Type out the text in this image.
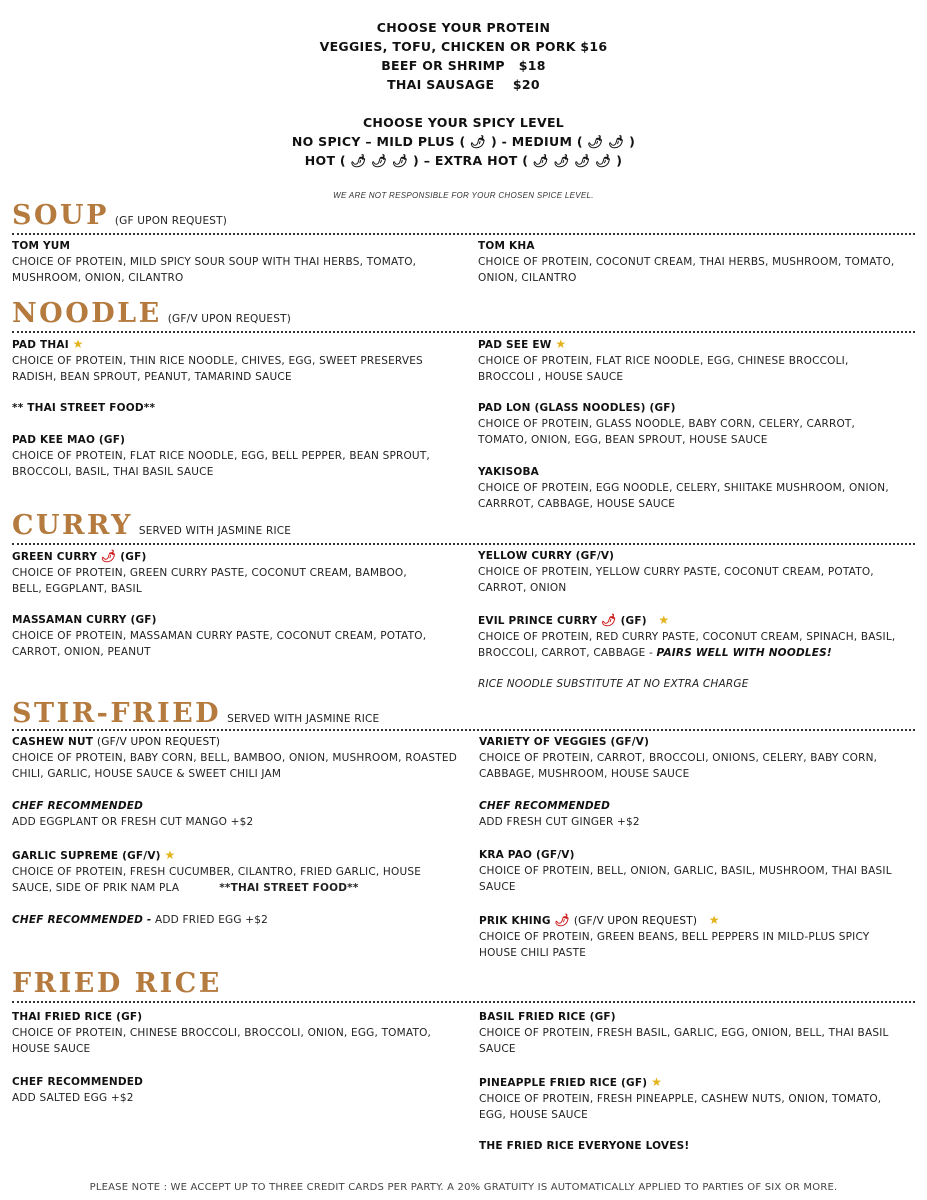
CHOOSE YOUR PROTEIN
VEGGIES, TOFU, CHICKEN OR PORK $16
BEEF OR SHRIMP   $18
THAI SAUSAGE    $20
CHOOSE YOUR SPICY LEVEL
NO SPICY – MILD PLUS ( 🌶 ) - MEDIUM ( 🌶 🌶 )
HOT ( 🌶 🌶 🌶 ) – EXTRA HOT ( 🌶 🌶 🌶 🌶 )
WE ARE NOT RESPONSIBLE FOR YOUR CHOSEN SPICE LEVEL.
SOUP (GF UPON REQUEST)
TOM YUM
CHOICE OF PROTEIN, MILD SPICY SOUR SOUP WITH THAI HERBS, TOMATO, MUSHROOM, ONION, CILANTRO
TOM KHA
CHOICE OF PROTEIN, COCONUT CREAM, THAI HERBS, MUSHROOM, TOMATO, ONION, CILANTRO
NOODLE (GF/V UPON REQUEST)
PAD THAI ★
CHOICE OF PROTEIN, THIN RICE NOODLE, CHIVES, EGG, SWEET PRESERVES RADISH, BEAN SPROUT, PEANUT, TAMARIND SAUCE
** THAI STREET FOOD**
PAD KEE MAO (GF)
CHOICE OF PROTEIN, FLAT RICE NOODLE, EGG, BELL PEPPER, BEAN SPROUT, BROCCOLI, BASIL, THAI BASIL SAUCE
PAD SEE EW ★
CHOICE OF PROTEIN, FLAT RICE NOODLE, EGG, CHINESE BROCCOLI, BROCCOLI , HOUSE SAUCE
PAD LON (GLASS NOODLES) (GF)
CHOICE OF PROTEIN, GLASS NOODLE, BABY CORN, CELERY, CARROT, TOMATO, ONION, EGG, BEAN SPROUT, HOUSE SAUCE
YAKISOBA
CHOICE OF PROTEIN, EGG NOODLE, CELERY, SHIITAKE MUSHROOM, ONION, CARRROT, CABBAGE, HOUSE SAUCE
CURRY SERVED WITH JASMINE RICE
GREEN CURRY 🌶 (GF)
CHOICE OF PROTEIN, GREEN CURRY PASTE, COCONUT CREAM, BAMBOO, BELL, EGGPLANT, BASIL
MASSAMAN CURRY (GF)
CHOICE OF PROTEIN, MASSAMAN CURRY PASTE, COCONUT CREAM, POTATO, CARROT, ONION, PEANUT
YELLOW CURRY (GF/V)
CHOICE OF PROTEIN, YELLOW CURRY PASTE, COCONUT CREAM, POTATO, CARROT, ONION
EVIL PRINCE CURRY 🌶 (GF) ★
CHOICE OF PROTEIN, RED CURRY PASTE, COCONUT CREAM, SPINACH, BASIL, BROCCOLI, CARROT, CABBAGE - PAIRS WELL WITH NOODLES!
RICE NOODLE SUBSTITUTE AT NO EXTRA CHARGE
STIR-FRIED SERVED WITH JASMINE RICE
CASHEW NUT (GF/V UPON REQUEST)
CHOICE OF PROTEIN, BABY CORN, BELL, BAMBOO, ONION, MUSHROOM, ROASTED CHILI, GARLIC, HOUSE SAUCE & SWEET CHILI JAM
CHEF RECOMMENDED
ADD EGGPLANT OR FRESH CUT MANGO +$2
GARLIC SUPREME (GF/V) ★
CHOICE OF PROTEIN, FRESH CUCUMBER, CILANTRO, FRIED GARLIC, HOUSE SAUCE, SIDE OF PRIK NAM PLA	**THAI STREET FOOD**
CHEF RECOMMENDED - ADD FRIED EGG +$2
VARIETY OF VEGGIES (GF/V)
CHOICE OF PROTEIN, CARROT, BROCCOLI, ONIONS, CELERY, BABY CORN, CABBAGE, MUSHROOM, HOUSE SAUCE
CHEF RECOMMENDED
ADD FRESH CUT GINGER +$2
KRA PAO (GF/V)
CHOICE OF PROTEIN, BELL, ONION, GARLIC, BASIL, MUSHROOM, THAI BASIL SAUCE
PRIK KHING 🌶 (GF/V UPON REQUEST) ★
CHOICE OF PROTEIN, GREEN BEANS, BELL PEPPERS IN MILD-PLUS SPICY HOUSE CHILI PASTE
FRIED RICE
THAI FRIED RICE (GF)
CHOICE OF PROTEIN, CHINESE BROCCOLI, BROCCOLI, ONION, EGG, TOMATO, HOUSE SAUCE
CHEF RECOMMENDED
ADD SALTED EGG +$2
BASIL FRIED RICE (GF)
CHOICE OF PROTEIN, FRESH BASIL, GARLIC, EGG, ONION, BELL, THAI BASIL SAUCE
PINEAPPLE FRIED RICE (GF) ★
CHOICE OF PROTEIN, FRESH PINEAPPLE, CASHEW NUTS, ONION, TOMATO, EGG, HOUSE SAUCE
THE FRIED RICE EVERYONE LOVES!
PLEASE NOTE : WE ACCEPT UP TO THREE CREDIT CARDS PER PARTY. A 20% GRATUITY IS AUTOMATICALLY APPLIED TO PARTIES OF SIX OR MORE.
